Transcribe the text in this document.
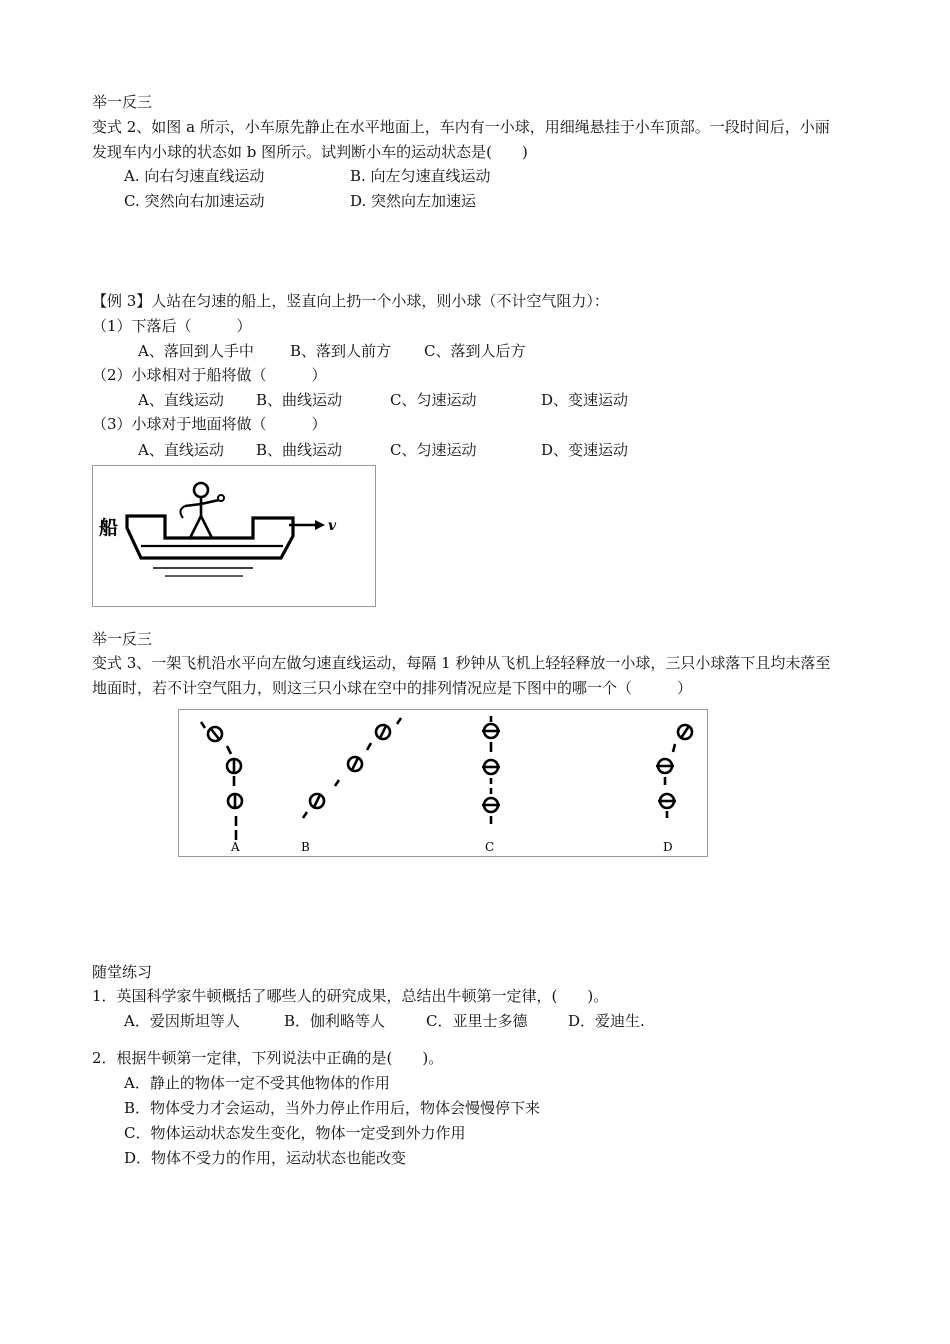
举一反三
变式 2、如图 a 所示，小车原先静止在水平地面上，车内有一小球，用细绳悬挂于小车顶部。一段时间后，小丽
发现车内小球的状态如 b 图所示。试判断小车的运动状态是(　　)
A. 向右匀速直线运动	B. 向左匀速直线运动
C. 突然向右加速运动	D. 突然向左加速运
【例 3】人站在匀速的船上，竖直向上扔一个小球，则小球（不计空气阻力）：
（1）下落后（　　　）
A、落回到人手中 B、落到人前方 C、落到人后方
（2）小球相对于船将做（　　　）
A、直线运动 B、曲线运动	C、匀速运动	D、变速运动
（3）小球对于地面将做（　　　）
A、直线运动 B、曲线运动	C、匀速运动	D、变速运动
船	v
举一反三
变式 3、一架飞机沿水平向左做匀速直线运动，每隔 1 秒钟从飞机上轻轻释放一小球，三只小球落下且均未落至
地面时，若不计空气阻力，则这三只小球在空中的排列情况应是下图中的哪一个（　　　）
A	B	C	D
随堂练习
1．英国科学家牛顿概括了哪些人的研究成果，总结出牛顿第一定律，(　　)。
A．爱因斯坦等人	B．伽利略等人	C．亚里士多德	D．爱迪生.
2．根据牛顿第一定律，下列说法中正确的是(　　)。
A．静止的物体一定不受其他物体的作用
B．物体受力才会运动，当外力停止作用后，物体会慢慢停下来
C．物体运动状态发生变化，物体一定受到外力作用
D．物体不受力的作用，运动状态也能改变
